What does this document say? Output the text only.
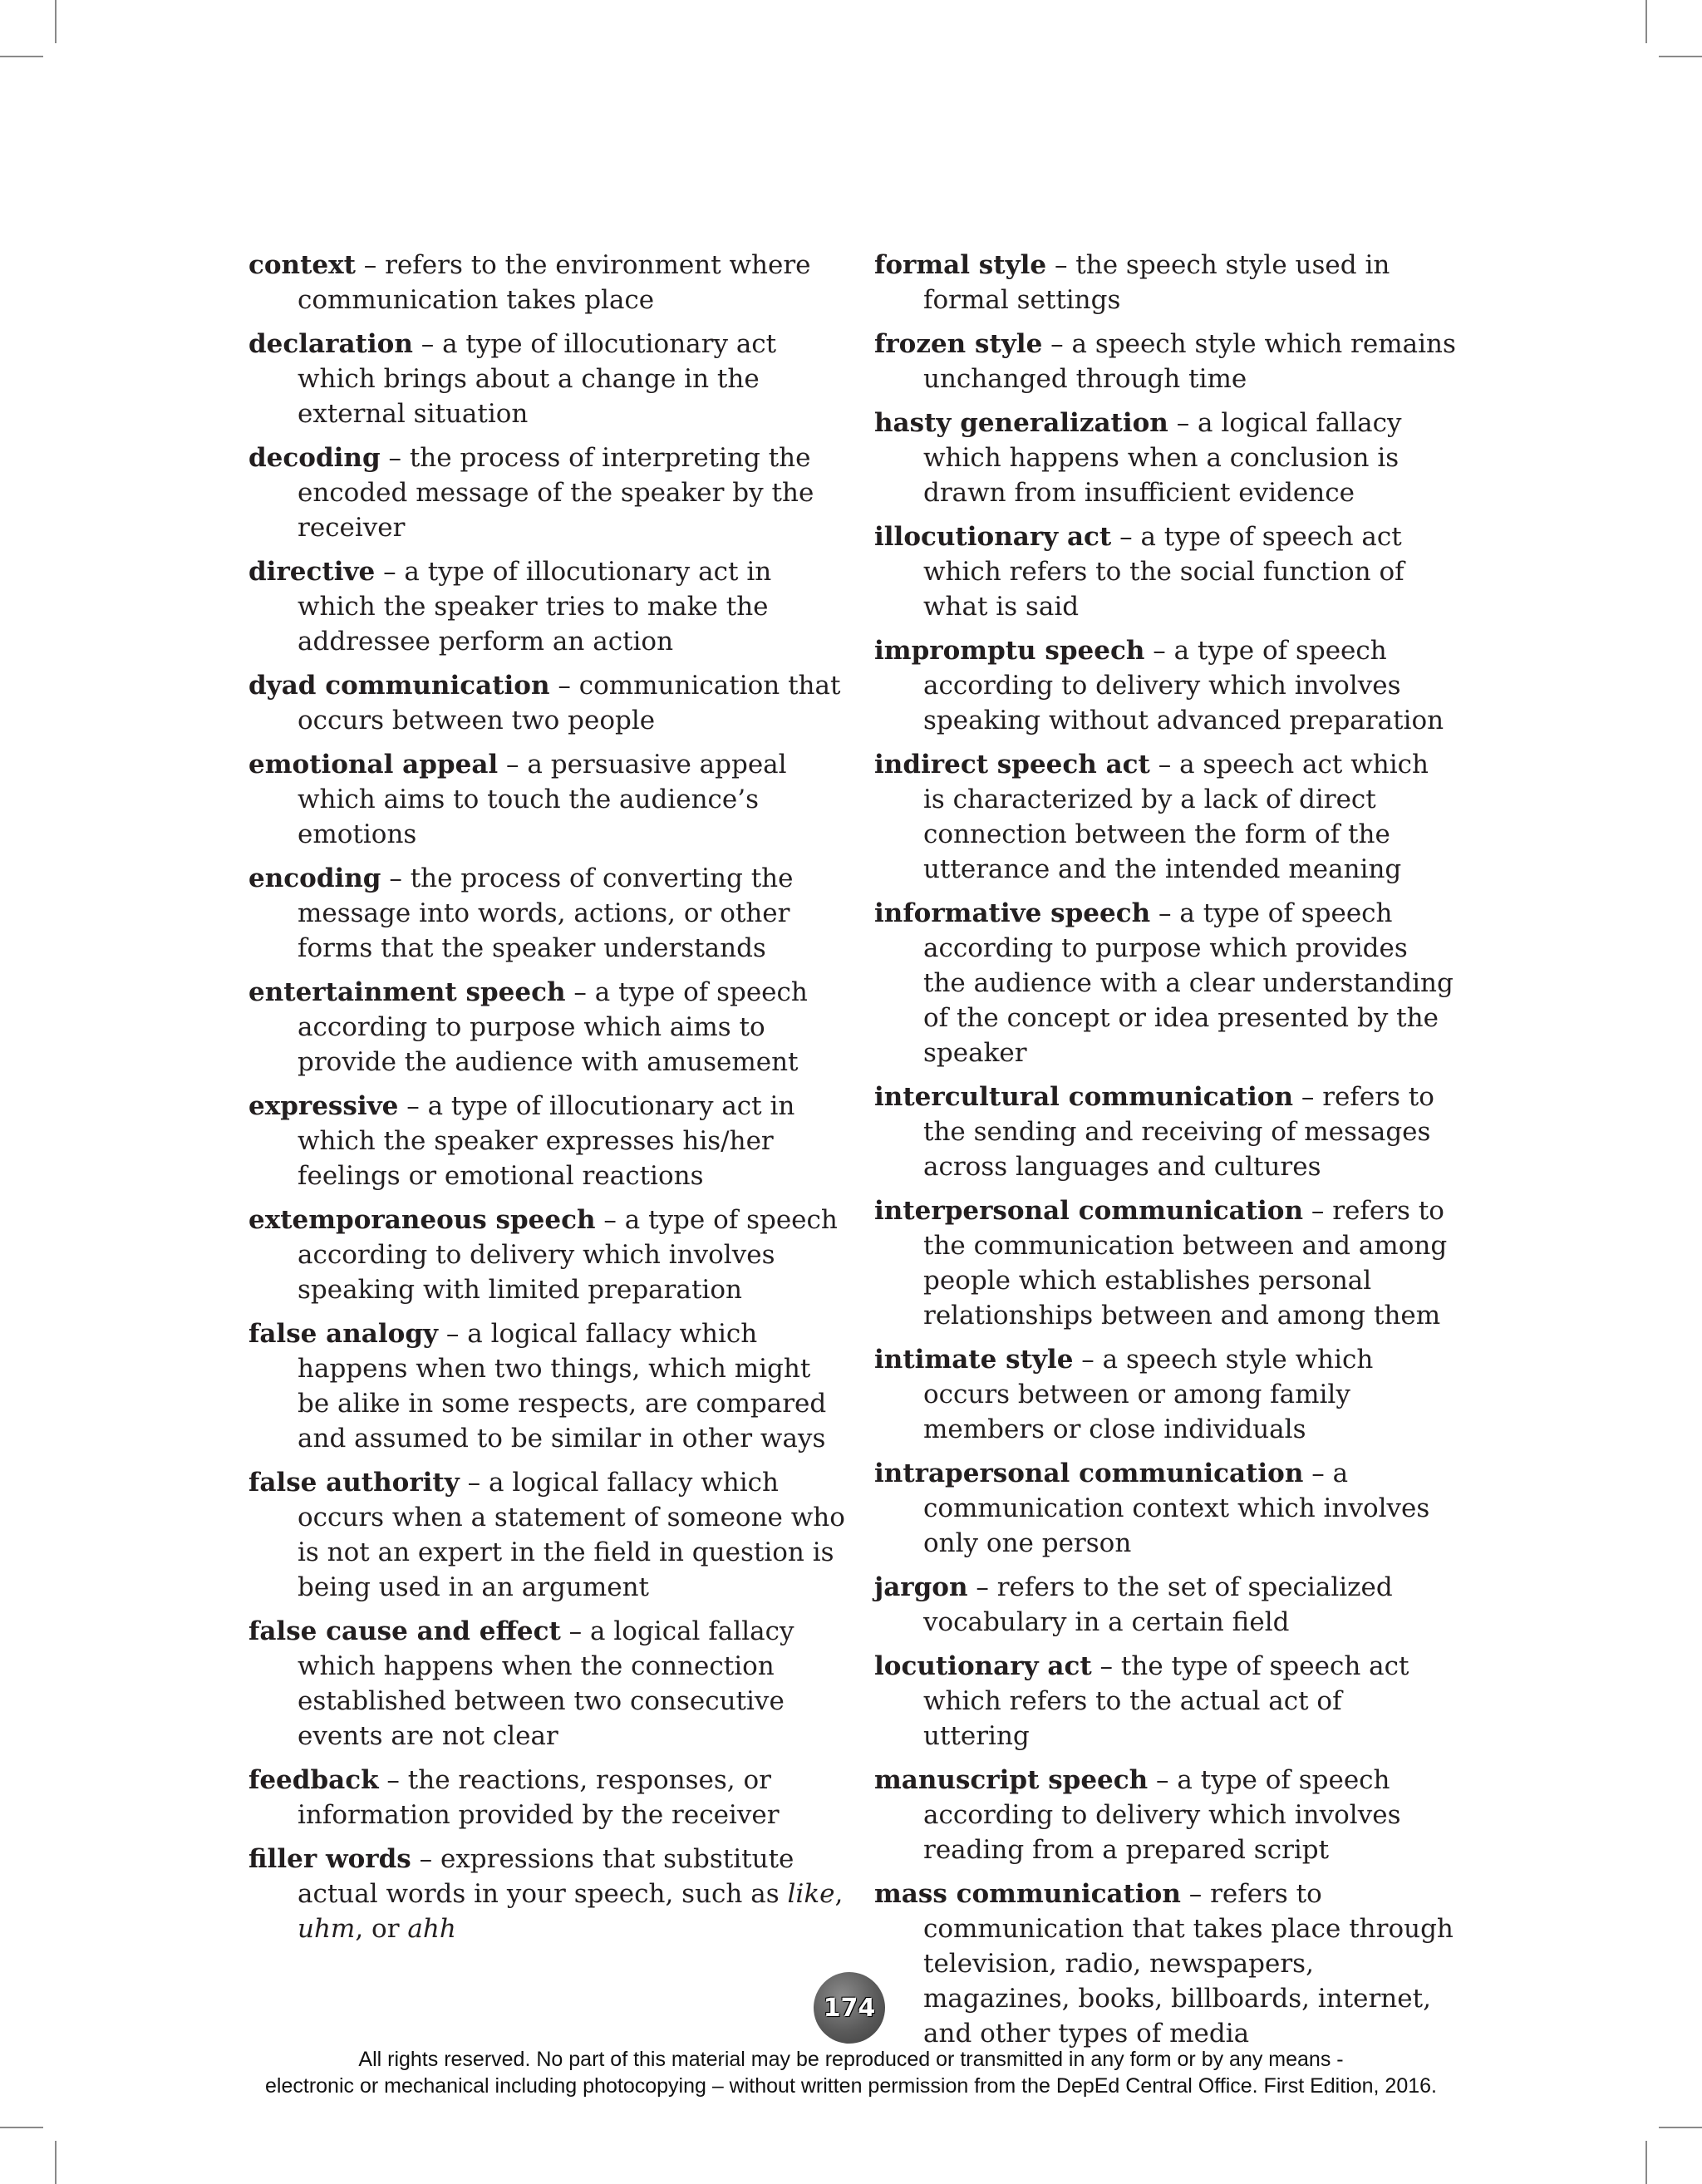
context – refers to the environment where communication takes place

declaration – a type of illocutionary act which brings about a change in the external situation

decoding – the process of interpreting the encoded message of the speaker by the receiver

directive – a type of illocutionary act in which the speaker tries to make the addressee perform an action

dyad communication – communication that occurs between two people

emotional appeal – a persuasive appeal which aims to touch the audience’s emotions

encoding – the process of converting the message into words, actions, or other forms that the speaker understands

entertainment speech – a type of speech according to purpose which aims to provide the audience with amusement

expressive – a type of illocutionary act in which the speaker expresses his/her feelings or emotional reactions

extemporaneous speech – a type of speech according to delivery which involves speaking with limited preparation

false analogy – a logical fallacy which happens when two things, which might be alike in some respects, are compared and assumed to be similar in other ways

false authority – a logical fallacy which occurs when a statement of someone who is not an expert in the field in question is being used in an argument

false cause and effect – a logical fallacy which happens when the connection established between two consecutive events are not clear

feedback – the reactions, responses, or information provided by the receiver

filler words – expressions that substitute actual words in your speech, such as like, uhm, or ahh

formal style – the speech style used in formal settings

frozen style – a speech style which remains unchanged through time

hasty generalization – a logical fallacy which happens when a conclusion is drawn from insufficient evidence

illocutionary act – a type of speech act which refers to the social function of what is said

impromptu speech – a type of speech according to delivery which involves speaking without advanced preparation

indirect speech act – a speech act which is characterized by a lack of direct connection between the form of the utterance and the intended meaning

informative speech – a type of speech according to purpose which provides the audience with a clear understanding of the concept or idea presented by the speaker

intercultural communication – refers to the sending and receiving of messages across languages and cultures

interpersonal communication – refers to the communication between and among people which establishes personal relationships between and among them

intimate style – a speech style which occurs between or among family members or close individuals

intrapersonal communication – a communication context which involves only one person

jargon – refers to the set of specialized vocabulary in a certain field

locutionary act – the type of speech act which refers to the actual act of uttering

manuscript speech – a type of speech according to delivery which involves reading from a prepared script

mass communication – refers to communication that takes place through television, radio, newspapers, magazines, books, billboards, internet, and other types of media

174
All rights reserved. No part of this material may be reproduced or transmitted in any form or by any means -
electronic or mechanical including photocopying – without written permission from the DepEd Central Office. First Edition, 2016.
